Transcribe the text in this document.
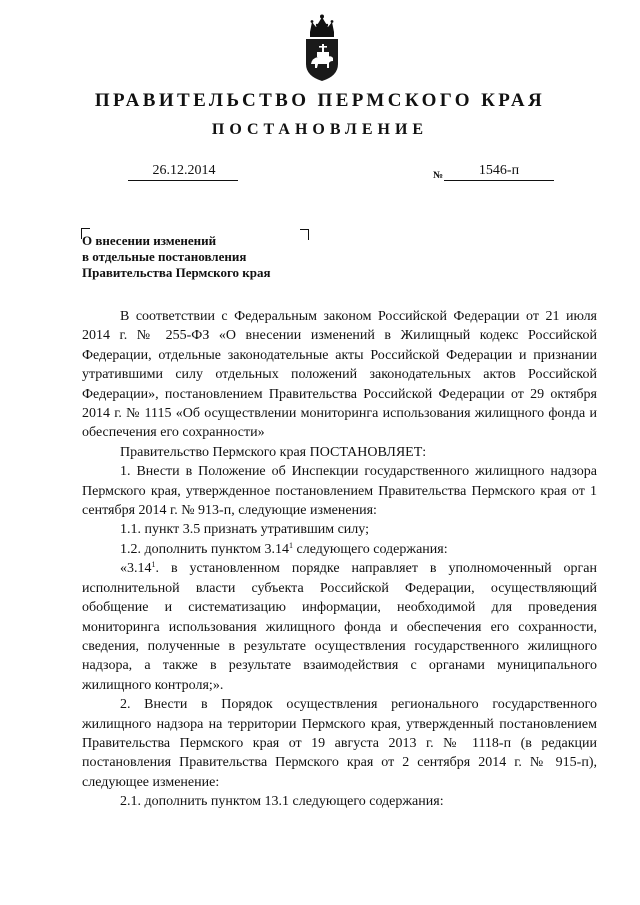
ПРАВИТЕЛЬСТВО ПЕРМСКОГО КРАЯ
ПОСТАНОВЛЕНИЕ
26.12.2014	№	1546-п
О внесении изменений
в отдельные постановления
Правительства Пермского края

В соответствии с Федеральным законом Российской Федерации от 21 июля 2014 г. № 255-ФЗ «О внесении изменений в Жилищный кодекс Российской Федерации, отдельные законодательные акты Российской Федерации и признании утратившими силу отдельных положений законодательных актов Российской Федерации», постановлением Правительства Российской Федерации от 29 октября 2014 г. № 1115 «Об осуществлении мониторинга использования жилищного фонда и обеспечения его сохранности»

Правительство Пермского края ПОСТАНОВЛЯЕТ:

1. Внести в Положение об Инспекции государственного жилищного надзора Пермского края, утвержденное постановлением Правительства Пермского края от 1 сентября 2014 г. № 913-п, следующие изменения:

1.1. пункт 3.5 признать утратившим силу;

1.2. дополнить пунктом 3.14$^1$ следующего содержания:

«3.14$^1$. в установленном порядке направляет в уполномоченный орган исполнительной власти субъекта Российской Федерации, осуществляющий обобщение и систематизацию информации, необходимой для проведения мониторинга использования жилищного фонда и обеспечения его сохранности, сведения, полученные в результате осуществления государственного жилищного надзора, а также в результате взаимодействия с органами муниципального жилищного контроля;».

2. Внести в Порядок осуществления регионального государственного жилищного надзора на территории Пермского края, утвержденный постановлением Правительства Пермского края от 19 августа 2013 г. № 1118-п (в редакции постановления Правительства Пермского края от 2 сентября 2014 г. № 915-п), следующее изменение:

2.1. дополнить пунктом 13.1 следующего содержания:
